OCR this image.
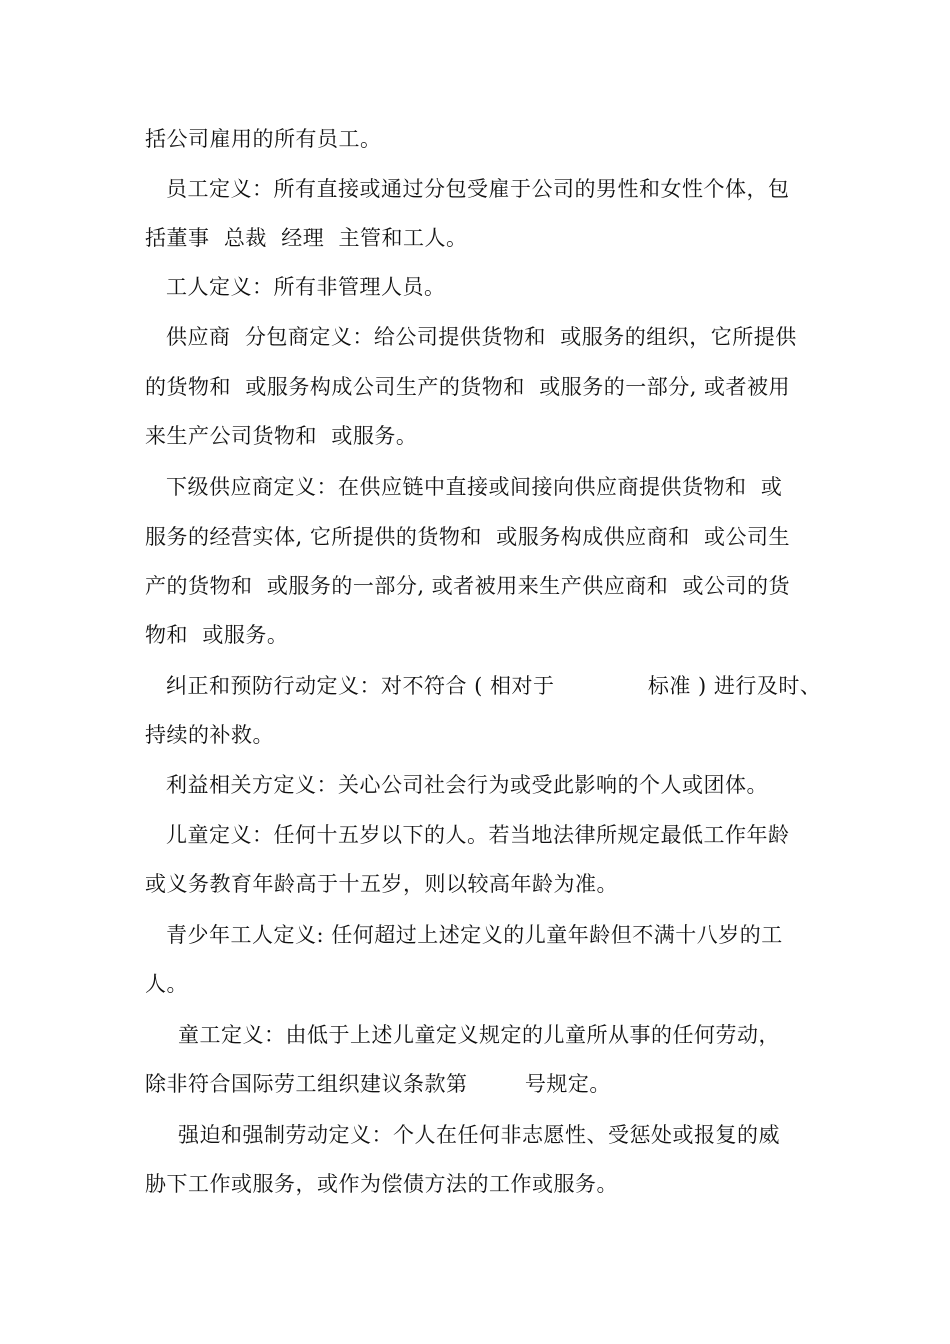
括公司雇用的所有员工。
员工定义：所有直接或通过分包受雇于公司的男性和女性个体，包
括董事  总裁  经理  主管和工人。
工人定义：所有非管理人员。
供应商  分包商定义：给公司提供货物和  或服务的组织，它所提供
的货物和  或服务构成公司生产的货物和  或服务的一部分, 或者被用
来生产公司货物和  或服务。
下级供应商定义：在供应链中直接或间接向供应商提供货物和  或
服务的经营实体, 它所提供的货物和  或服务构成供应商和  或公司生
产的货物和  或服务的一部分, 或者被用来生产供应商和  或公司的货
物和  或服务。
纠正和预防行动定义：对不符合 ( 相对于             标准 ) 进行及时、
持续的补救。
利益相关方定义：关心公司社会行为或受此影响的个人或团体。
儿童定义：任何十五岁以下的人。若当地法律所规定最低工作年龄
或义务教育年龄高于十五岁，则以较高年龄为准。
青少年工人定义: 任何超过上述定义的儿童年龄但不满十八岁的工
人。
童工定义：由低于上述儿童定义规定的儿童所从事的任何劳动，
除非符合国际劳工组织建议条款第        号规定。
强迫和强制劳动定义：个人在任何非志愿性、受惩处或报复的威
胁下工作或服务，或作为偿债方法的工作或服务。
